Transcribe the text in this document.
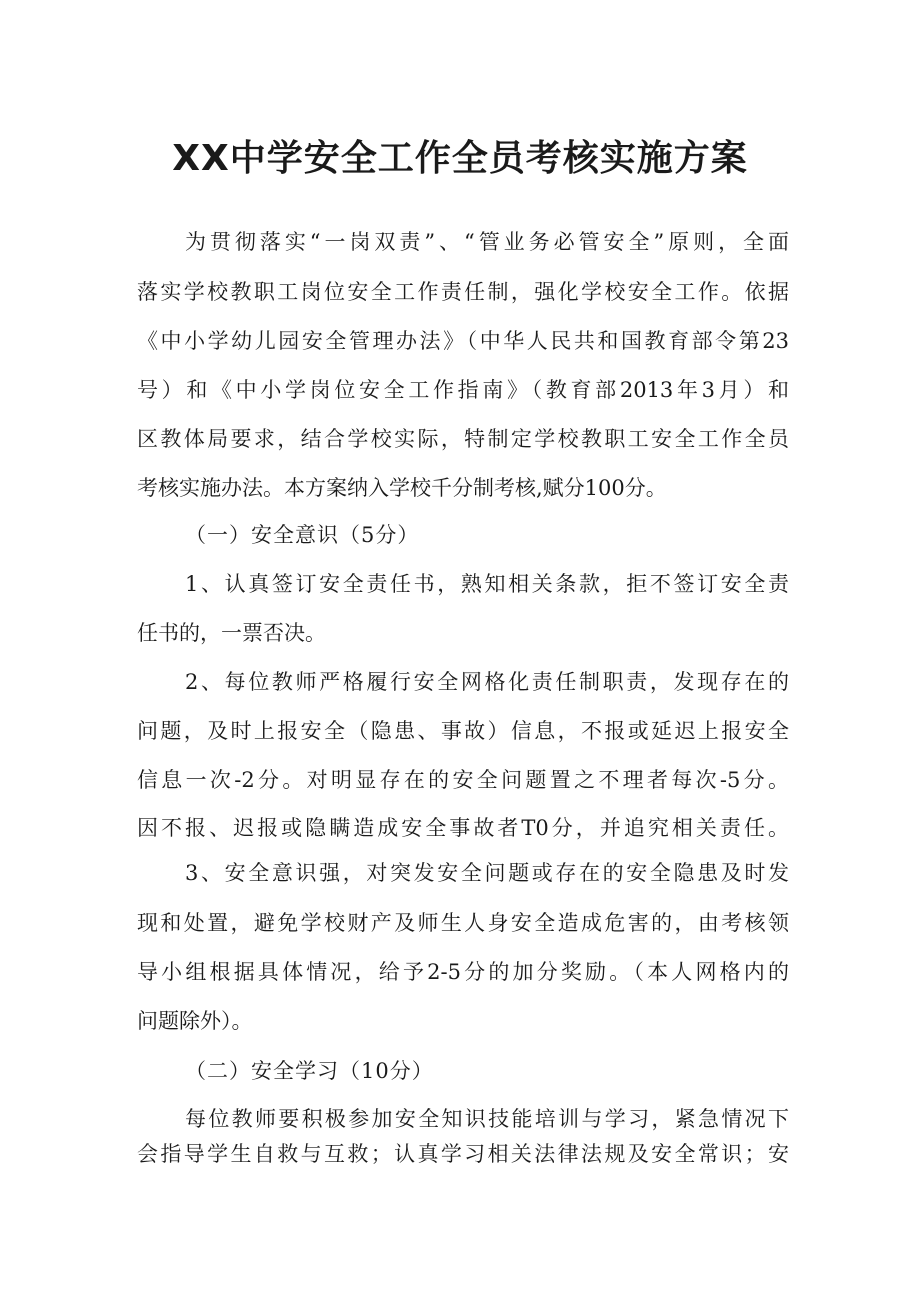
XX中学安全工作全员考核实施方案

为贯彻落实“一岗双责”、“管业务必管安全”原则，全面

落实学校教职工岗位安全工作责任制，强化学校安全工作。依据

《中小学幼儿园安全管理办法》（中华人民共和国教育部令第23

号）和《中小学岗位安全工作指南》（教育部2013年3月）和

区教体局要求，结合学校实际，特制定学校教职工安全工作全员

考核实施办法。本方案纳入学校千分制考核,赋分100分。

（一）安全意识（5分）

1、认真签订安全责任书，熟知相关条款，拒不签订安全责

任书的，一票否决。

2、每位教师严格履行安全网格化责任制职责，发现存在的

问题，及时上报安全（隐患、事故）信息，不报或延迟上报安全

信息一次-2分。对明显存在的安全问题置之不理者每次-5分。

因不报、迟报或隐瞒造成安全事故者T0分，并追究相关责任。

3、安全意识强，对突发安全问题或存在的安全隐患及时发

现和处置，避免学校财产及师生人身安全造成危害的，由考核领

导小组根据具体情况，给予2-5分的加分奖励。（本人网格内的

问题除外）。

（二）安全学习（10分）

每位教师要积极参加安全知识技能培训与学习，紧急情况下

会指导学生自救与互救；认真学习相关法律法规及安全常识；安
